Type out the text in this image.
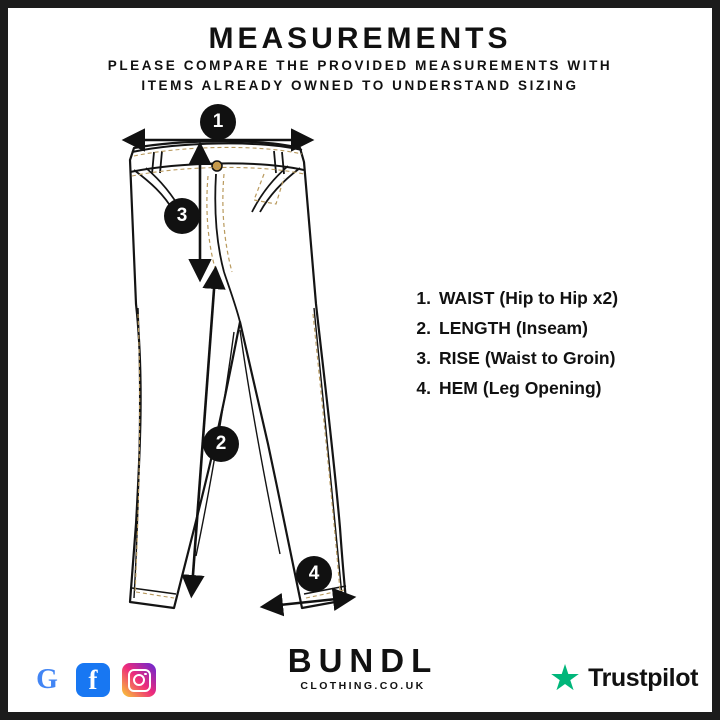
MEASUREMENTS
PLEASE COMPARE THE PROVIDED MEASUREMENTS WITH
ITEMS ALREADY OWNED TO UNDERSTAND SIZING
1
3
2
4
1. WAIST (Hip to Hip x2)
2. LENGTH (Inseam)
3. RISE (Waist to Groin)
4. HEM (Leg Opening)
G f
BUNDL
CLOTHING.CO.UK	★ Trustpilot
